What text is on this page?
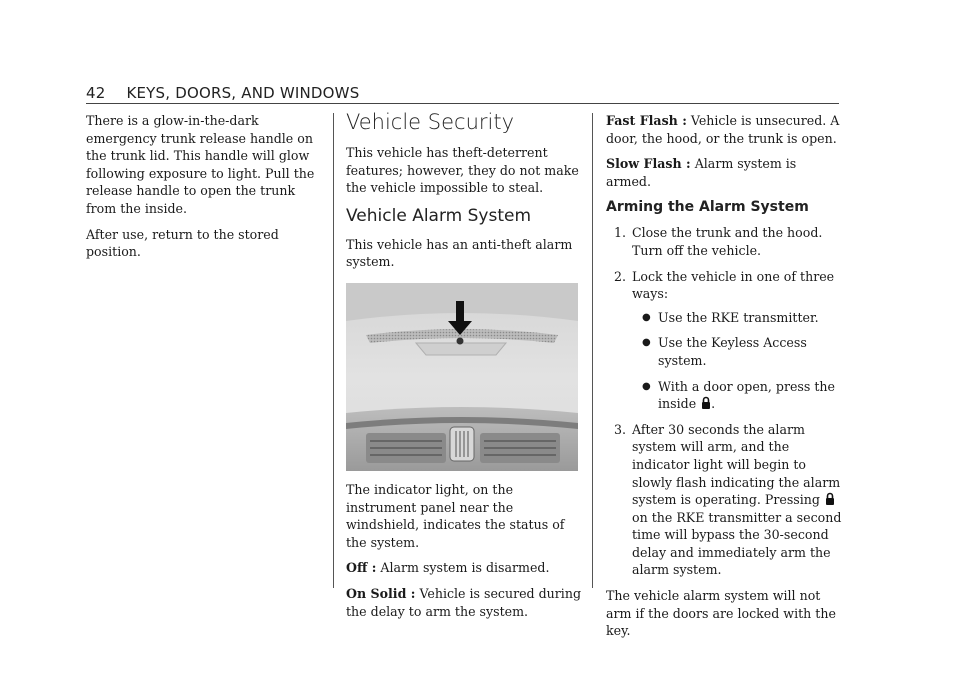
42 KEYS, DOORS, AND WINDOWS

There is a glow-in-the-dark emergency trunk release handle on the trunk lid. This handle will glow following exposure to light. Pull the release handle to open the trunk from the inside.

After use, return to the stored position.

Vehicle Security

This vehicle has theft-deterrent features; however, they do not make the vehicle impossible to steal.

Vehicle Alarm System

This vehicle has an anti-theft alarm system.

The indicator light, on the instrument panel near the windshield, indicates the status of the system.

Off : Alarm system is disarmed.

On Solid : Vehicle is secured during the delay to arm the system.

Fast Flash : Vehicle is unsecured. A door, the hood, or the trunk is open.

Slow Flash : Alarm system is armed.

Arming the Alarm System
1. Close the trunk and the hood. Turn off the vehicle.
2. Lock the vehicle in one of three ways:
● Use the RKE transmitter.
● Use the Keyless Access system.
● With a door open, press the inside .
3. After 30 seconds the alarm system will arm, and the indicator light will begin to slowly flash indicating the alarm system is operating. Pressing  on the RKE transmitter a second time will bypass the 30-second delay and immediately arm the alarm system.

The vehicle alarm system will not arm if the doors are locked with the key.
